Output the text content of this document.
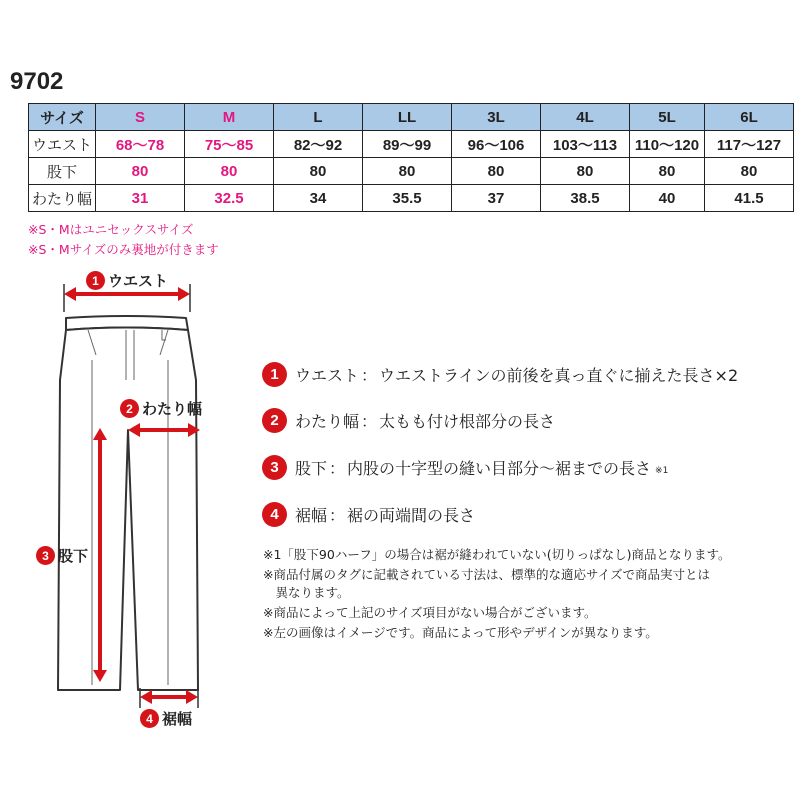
9702
サイズ	S	M	L	LL	3L	4L	5L	6L
ウエスト	68〜78	75〜85	82〜92	89〜99	96〜106	103〜113	110〜120	117〜127
股下	80	80	80	80	80	80	80	80
わたり幅	31	32.5	34	35.5	37	38.5	40	41.5
※S・Mはユニセックスサイズ
※S・Mサイズのみ裏地が付きます
1 ウエスト
2 わたり幅
3 股下
4 裾幅
1	ウエスト ： ウエストラインの前後を真っ直ぐに揃えた長さ×2
2	わたり幅 ： 太もも付け根部分の長さ
3	股下 ： 内股の十字型の縫い目部分〜裾までの長さ ※1
4	裾幅 ： 裾の両端間の長さ
※1「股下90ハーフ」の場合は裾が縫われていない(切りっぱなし)商品となります。
※商品付属のタグに記載されている寸法は、標準的な適応サイズで商品実寸とは
　異なります。
※商品によって上記のサイズ項目がない場合がございます。
※左の画像はイメージです。商品によって形やデザインが異なります。
